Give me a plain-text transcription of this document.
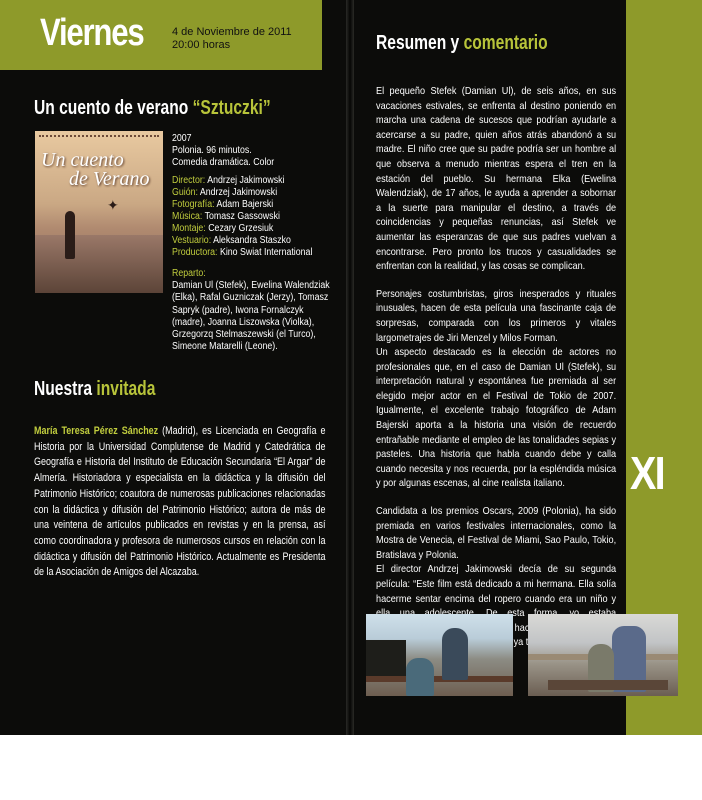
Viernes	4 de Noviembre de 2011
20:00 horas
Un cuento de verano “Sztuczki”
Un cuento
de Verano
✦
2007
Polonia. 96 minutos.
Comedia dramática. Color
Director: Andrzej Jakimowski
Guión: Andrzej Jakimowski
Fotografía: Adam Bajerski
Música: Tomasz Gassowski
Montaje: Cezary Grzesiuk
Vestuario: Aleksandra Staszko
Productora: Kino Swiat International
Reparto:
Damian Ul (Stefek), Ewelina Walendziak
(Elka), Rafal Guzniczak (Jerzy), Tomasz
Sapryk (padre), Iwona Fornalczyk
(madre), Joanna Liszowska (Violka),
Grzegorzq Stelmaszewski (el Turco),
Simeone Matarelli (Leone).
Nuestra invitada
María Teresa Pérez Sánchez (Madrid), es Licenciada en Geografía e Historia por la Universidad Complutense de Madrid y Catedrática de Geografía e Historia del Instituto de Educación Secundaria “El Argar” de Almería. Historiadora y especialista en la didáctica y la difusión del Patrimonio Histórico; coautora de numerosas publicaciones relacionadas con la didáctica y difusión del Patrimonio Histórico; autora de más de una veintena de artículos publicados en revistas y en la prensa, así como coordinadora y profesora de numerosos cursos en relación con la didáctica y difusión del Patrimonio Histórico. Actualmente es Presidenta de la Asociación de Amigos del Alcazaba.
Resumen y comentario

El pequeño Stefek (Damian Ul), de seis años, en sus vacaciones estivales, se enfrenta al destino poniendo en marcha una cadena de sucesos que podrían ayudarle a acercarse a su padre, quien años atrás abandonó a su madre. El niño cree que su padre podría ser un hombre al que observa a menudo mientras espera el tren en la estación del pueblo. Su hermana Elka (Ewelina Walendziak), de 17 años, le ayuda a aprender a sobornar a la suerte para manipular el destino, a través de coincidencias y pequeñas renuncias, así Stefek ve aumentar las esperanzas de que sus padres vuelvan a encontrarse. Pero pronto los trucos y casualidades se enfrentan con la realidad, y las cosas se complican.

Personajes costumbristas, giros inesperados y rituales inusuales, hacen de esta película una fascinante caja de sorpresas, comparada con los primeros y vitales largometrajes de Jiri Menzel y Milos Forman.

Un aspecto destacado es la elección de actores no profesionales que, en el caso de Damian Ul (Stefek), su interpretación natural y espontánea fue premiada al ser elegido mejor actor en el Festival de Tokio de 2007. Igualmente, el excelente trabajo fotográfico de Adam Bajerski aporta a la historia una visión de recuerdo entrañable mediante el empleo de las tonalidades sepias y pasteles. Una historia que habla cuando debe y calla cuando necesita y nos recuerda, por la espléndida música y por algunas escenas, al cine realista italiano.

Candidata a los premios Oscars, 2009 (Polonia), ha sido premiada en varios festivales internacionales, como la Mostra de Venecia, el Festival de Miami, Sao Paulo, Tokio, Bratislava y Polonia.

El director Andrzej Jakimowski decía de su segunda película: “Este film está dedicado a mi hermana. Ella solía hacerme sentar encima del ropero cuando era un niño y esta hacer ya

XI
